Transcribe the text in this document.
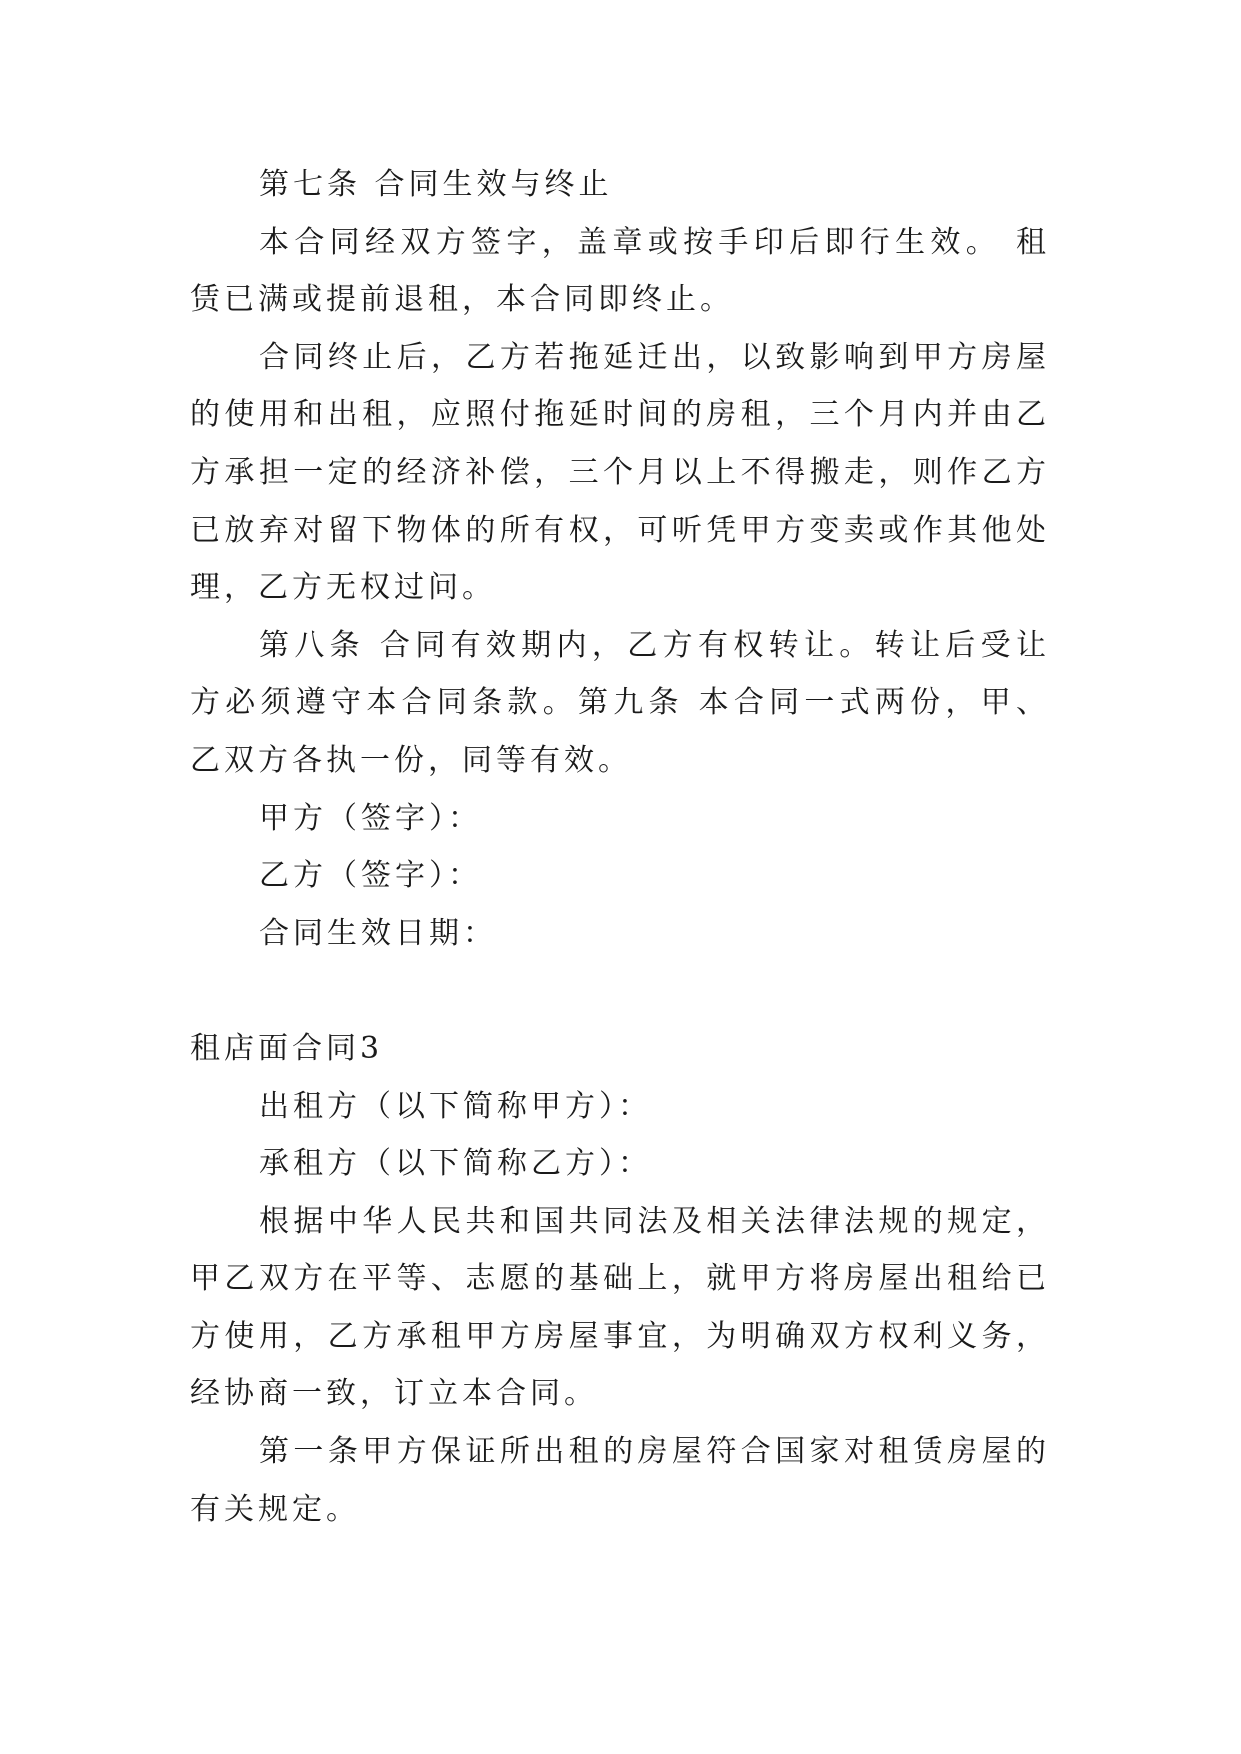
第七条 合同生效与终止

本合同经双方签字，盖章或按手印后即行生效。 租赁已满或提前退租，本合同即终止。

合同终止后，乙方若拖延迁出，以致影响到甲方房屋的使用和出租，应照付拖延时间的房租，三个月内并由乙方承担一定的经济补偿，三个月以上不得搬走，则作乙方已放弃对留下物体的所有权，可听凭甲方变卖或作其他处理，乙方无权过问。

第八条 合同有效期内，乙方有权转让。转让后受让方必须遵守本合同条款。第九条 本合同一式两份，甲、乙双方各执一份，同等有效。

甲方（签字）：

乙方（签字）：

合同生效日期：

租店面合同3

出租方（以下简称甲方）：

承租方（以下简称乙方）：

根据中华人民共和国共同法及相关法律法规的规定，甲乙双方在平等、志愿的基础上，就甲方将房屋出租给已方使用，乙方承租甲方房屋事宜，为明确双方权利义务，经协商一致，订立本合同。

第一条甲方保证所出租的房屋符合国家对租赁房屋的有关规定。
